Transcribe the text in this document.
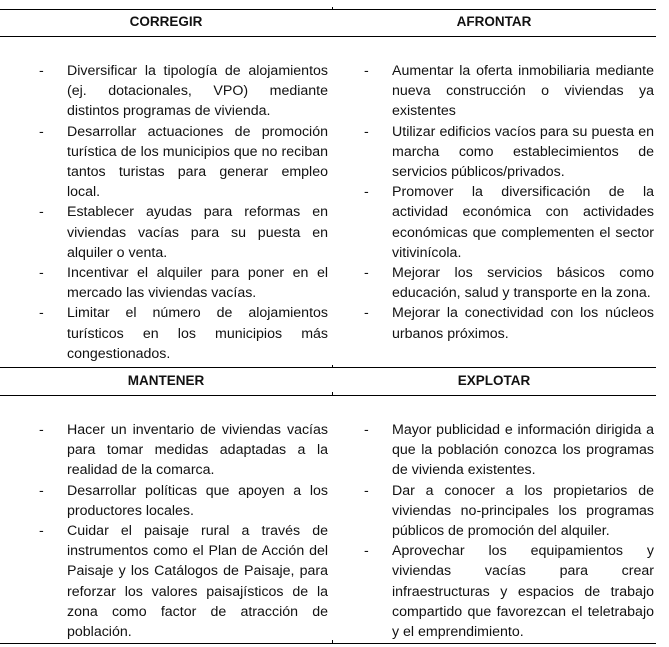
CORREGIR	AFRONTAR
MANTENER	EXPLOTAR
- Diversificar la tipología de alojamientos (ej. dotacionales, VPO) mediante distintos programas de vivienda.
- Desarrollar actuaciones de promoción turística de los municipios que no reciban tantos turistas para generar empleo local.
- Establecer ayudas para reformas en viviendas vacías para su puesta en alquiler o venta.
- Incentivar el alquiler para poner en el mercado las viviendas vacías.
- Limitar el número de alojamientos turísticos en los municipios más congestionados.
- Aumentar la oferta inmobiliaria mediante nueva construcción o viviendas ya existentes
- Utilizar edificios vacíos para su puesta en marcha como establecimientos de servicios públicos/privados.
- Promover la diversificación de la actividad económica con actividades económicas que complementen el sector vitivinícola.
- Mejorar los servicios básicos como educación, salud y transporte en la zona.
- Mejorar la conectividad con los núcleos urbanos próximos.
- Hacer un inventario de viviendas vacías para tomar medidas adaptadas a la realidad de la comarca.
- Desarrollar políticas que apoyen a los productores locales.
- Cuidar el paisaje rural a través de instrumentos como el Plan de Acción del Paisaje y los Catálogos de Paisaje, para reforzar los valores paisajísticos de la zona como factor de atracción de población.
- Mayor publicidad e información dirigida a que la población conozca los programas de vivienda existentes.
- Dar a conocer a los propietarios de viviendas no-principales los programas públicos de promoción del alquiler.
- Aprovechar los equipamientos y viviendas vacías para crear infraestructuras y espacios de trabajo compartido que favorezcan el teletrabajo y el emprendimiento.
